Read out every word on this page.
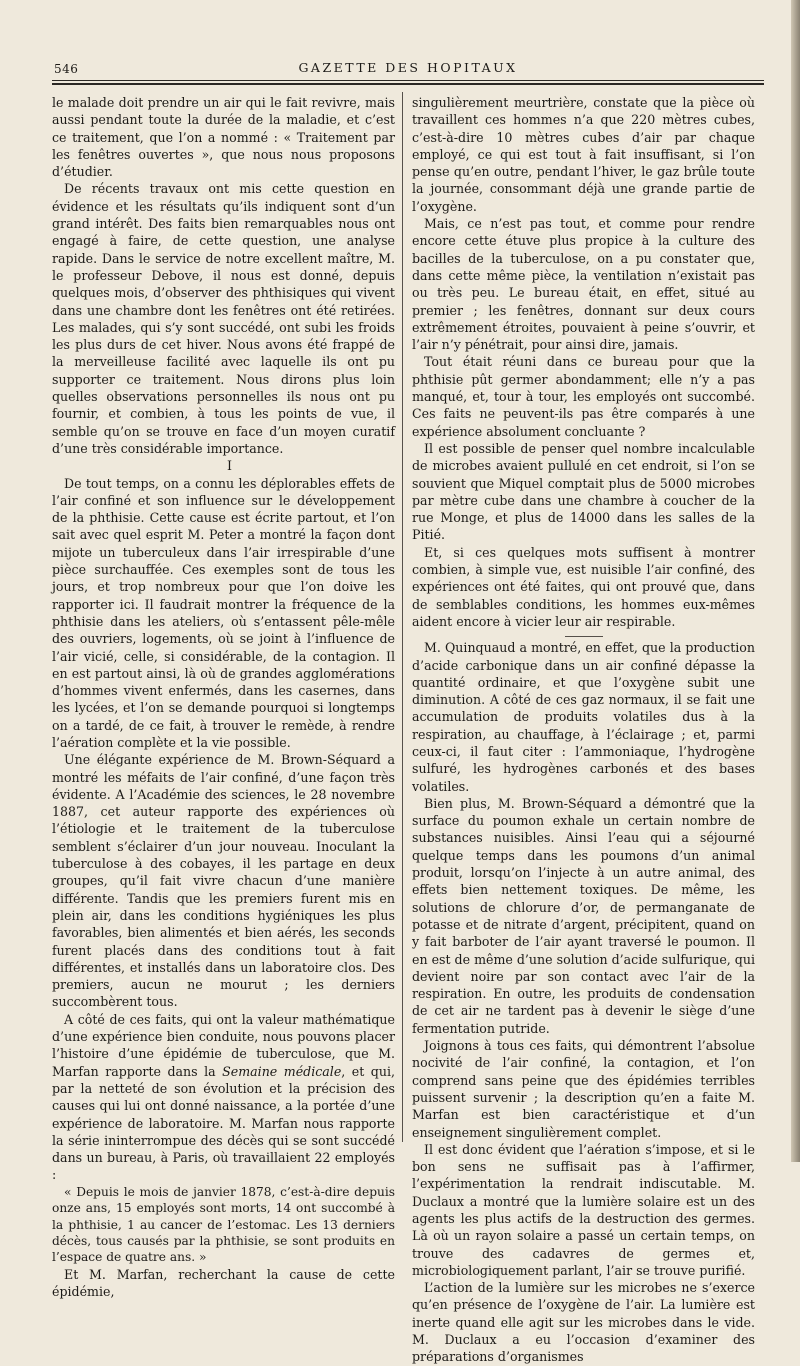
546	GAZETTE DES HOPITAUX

le malade doit prendre un air qui le fait revivre, mais aussi pendant toute la durée de la maladie, et c’est ce traitement, que l’on a nommé : « Traitement par les fenêtres ouvertes », que nous nous proposons d’étudier.

De récents travaux ont mis cette question en évidence et les résultats qu’ils indiquent sont d’un grand intérêt. Des faits bien remarquables nous ont engagé à faire, de cette question, une analyse rapide. Dans le service de notre excellent maître, M. le professeur Debove, il nous est donné, depuis quelques mois, d’observer des phthisiques qui vivent dans une chambre dont les fenêtres ont été retirées. Les malades, qui s’y sont succédé, ont subi les froids les plus durs de cet hiver. Nous avons été frappé de la merveilleuse facilité avec laquelle ils ont pu supporter ce traitement. Nous dirons plus loin quelles observations personnelles ils nous ont pu fournir, et combien, à tous les points de vue, il semble qu’on se trouve en face d’un moyen curatif d’une très considérable importance.

I

De tout temps, on a connu les déplorables effets de l’air confiné et son influence sur le développement de la phthisie. Cette cause est écrite partout, et l’on sait avec quel esprit M. Peter a montré la façon dont mijote un tuberculeux dans l’air irrespirable d’une pièce surchauffée. Ces exemples sont de tous les jours, et trop nombreux pour que l’on doive les rapporter ici. Il faudrait montrer la fréquence de la phthisie dans les ateliers, où s’entassent pêle-mêle des ouvriers, logements, où se joint à l’influence de l’air vicié, celle, si considérable, de la contagion. Il en est partout ainsi, là où de grandes agglomérations d’hommes vivent enfermés, dans les casernes, dans les lycées, et l’on se demande pourquoi si longtemps on a tardé, de ce fait, à trouver le remède, à rendre l’aération complète et la vie possible.

Une élégante expérience de M. Brown-Séquard a montré les méfaits de l’air confiné, d’une façon très évidente. A l’Académie des sciences, le 28 novembre 1887, cet auteur rapporte des expériences où l’étiologie et le traitement de la tuberculose semblent s’éclairer d’un jour nouveau. Inoculant la tuberculose à des cobayes, il les partage en deux groupes, qu’il fait vivre chacun d’une manière différente. Tandis que les premiers furent mis en plein air, dans les conditions hygiéniques les plus favorables, bien alimentés et bien aérés, les seconds furent placés dans des conditions tout à fait différentes, et installés dans un laboratoire clos. Des premiers, aucun ne mourut ; les derniers succombèrent tous.

A côté de ces faits, qui ont la valeur mathématique d’une expérience bien conduite, nous pouvons placer l’histoire d’une épidémie de tuberculose, que M. Marfan rapporte dans la Semaine médicale, et qui, par la netteté de son évolution et la précision des causes qui lui ont donné naissance, a la portée d’une expérience de laboratoire. M. Marfan nous rapporte la série ininterrompue des décès qui se sont succédé dans un bureau, à Paris, où travaillaient 22 employés :

« Depuis le mois de janvier 1878, c’est-à-dire depuis onze ans, 15 employés sont morts, 14 ont succombé à la phthisie, 1 au cancer de l’estomac. Les 13 derniers décès, tous causés par la phthisie, se sont produits en l’espace de quatre ans. »

Et M. Marfan, recherchant la cause de cette épidémie,

singulièrement meurtrière, constate que la pièce où travaillent ces hommes n’a que 220 mètres cubes, c’est-à-dire 10 mètres cubes d’air par chaque employé, ce qui est tout à fait insuffisant, si l’on pense qu’en outre, pendant l’hiver, le gaz brûle toute la journée, consommant déjà une grande partie de l’oxygène.

Mais, ce n’est pas tout, et comme pour rendre encore cette étuve plus propice à la culture des bacilles de la tuberculose, on a pu constater que, dans cette même pièce, la ventilation n’existait pas ou très peu. Le bureau était, en effet, situé au premier ; les fenêtres, donnant sur deux cours extrêmement étroites, pouvaient à peine s’ouvrir, et l’air n’y pénétrait, pour ainsi dire, jamais.

Tout était réuni dans ce bureau pour que la phthisie pût germer abondamment; elle n’y a pas manqué, et, tour à tour, les employés ont succombé. Ces faits ne peuvent-ils pas être comparés à une expérience absolument concluante ?

Il est possible de penser quel nombre incalculable de microbes avaient pullulé en cet endroit, si l’on se souvient que Miquel comptait plus de 5000 microbes par mètre cube dans une chambre à coucher de la rue Monge, et plus de 14000 dans les salles de la Pitié.

Et, si ces quelques mots suffisent à montrer combien, à simple vue, est nuisible l’air confiné, des expériences ont été faites, qui ont prouvé que, dans de semblables conditions, les hommes eux-mêmes aident encore à vicier leur air respirable.

M. Quinquaud a montré, en effet, que la production d’acide carbonique dans un air confiné dépasse la quantité ordinaire, et que l’oxygène subit une diminution. A côté de ces gaz normaux, il se fait une accumulation de produits volatiles dus à la respiration, au chauffage, à l’éclairage ; et, parmi ceux-ci, il faut citer : l’ammoniaque, l’hydrogène sulfuré, les hydrogènes carbonés et des bases volatiles.

Bien plus, M. Brown-Séquard a démontré que la surface du poumon exhale un certain nombre de substances nuisibles. Ainsi l’eau qui a séjourné quelque temps dans les poumons d’un animal produit, lorsqu’on l’injecte à un autre animal, des effets bien nettement toxiques. De même, les solutions de chlorure d’or, de permanganate de potasse et de nitrate d’argent, précipitent, quand on y fait barboter de l’air ayant traversé le poumon. Il en est de même d’une solution d’acide sulfurique, qui devient noire par son contact avec l’air de la respiration. En outre, les produits de condensation de cet air ne tardent pas à devenir le siège d’une fermentation putride.

Joignons à tous ces faits, qui démontrent l’absolue nocivité de l’air confiné, la contagion, et l’on comprend sans peine que des épidémies terribles puissent survenir ; la description qu’en a faite M. Marfan est bien caractéristique et d’un enseignement singulièrement complet.

Il est donc évident que l’aération s’impose, et si le bon sens ne suffisait pas à l’affirmer, l’expérimentation la rendrait indiscutable. M. Duclaux a montré que la lumière solaire est un des agents les plus actifs de la destruction des germes. Là où un rayon solaire a passé un certain temps, on trouve des cadavres de germes et, microbiologiquement parlant, l’air se trouve purifié.

L’action de la lumière sur les microbes ne s’exerce qu’en présence de l’oxygène de l’air. La lumière est inerte quand elle agit sur les microbes dans le vide. M. Duclaux a eu l’occasion d’examiner des préparations d’organismes
